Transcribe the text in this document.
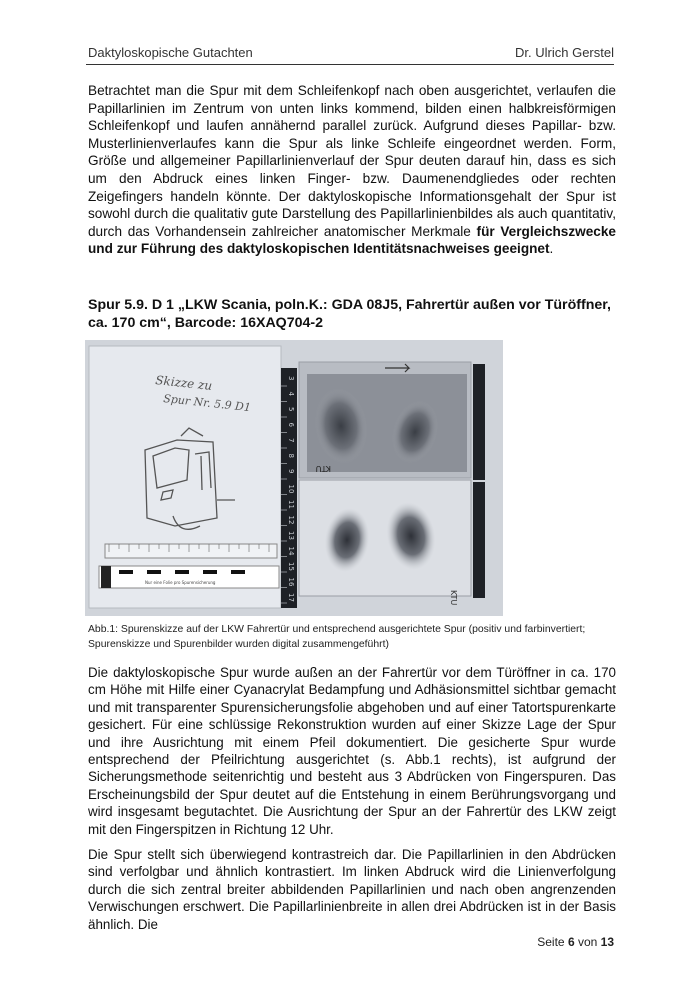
Daktyloskopische Gutachten	Dr. Ulrich Gerstel

Betrachtet man die Spur mit dem Schleifenkopf nach oben ausgerichtet, verlaufen die Papillarlinien im Zentrum von unten links kommend, bilden einen halbkreisförmigen Schleifenkopf und laufen annähernd parallel zurück. Aufgrund dieses Papillar- bzw. Musterlinienverlaufes kann die Spur als linke Schleife eingeordnet werden. Form, Größe und allgemeiner Papillarlinienverlauf der Spur deuten darauf hin, dass es sich um den Abdruck eines linken Finger- bzw. Daumenendgliedes oder rechten Zeigefingers handeln könnte. Der daktyloskopische Informationsgehalt der Spur ist sowohl durch die qualitativ gute Darstellung des Papillarlinienbildes als auch quantitativ, durch das Vorhandensein zahlreicher anatomischer Merkmale für Vergleichszwecke und zur Führung des daktyloskopischen Identitätsnachweises geeignet.

Spur 5.9. D 1 „LKW Scania, poln.K.: GDA 08J5, Fahrertür außen vor Türöffner, ca. 170 cm“, Barcode: 16XAQ704-2
Skizze zu
Spur Nr. 5.9 D1
Nur eine Folie pro Spurensicherung
3
4
5
6
7
8
9
10
11
12
13
14
15
16
17
KTU
KTU
Abb.1: Spurenskizze auf der LKW Fahrertür und entsprechend ausgerichtete Spur (positiv und farbinvertiert; Spurenskizze und Spurenbilder wurden digital zusammengeführt)

Die daktyloskopische Spur wurde außen an der Fahrertür vor dem Türöffner in ca. 170 cm Höhe mit Hilfe einer Cyanacrylat Bedampfung und Adhäsionsmittel sichtbar gemacht und mit transparenter Spurensicherungsfolie abgehoben und auf einer Tatortspurenkarte gesichert. Für eine schlüssige Rekonstruktion wurden auf einer Skizze Lage der Spur und ihre Ausrichtung mit einem Pfeil dokumentiert. Die gesicherte Spur wurde entsprechend der Pfeilrichtung ausgerichtet (s. Abb.1 rechts), ist aufgrund der Sicherungsmethode seitenrichtig und besteht aus 3 Abdrücken von Fingerspuren. Das Erscheinungsbild der Spur deutet auf die Entstehung in einem Berührungsvorgang und wird insgesamt begutachtet. Die Ausrichtung der Spur an der Fahrertür des LKW zeigt mit den Fingerspitzen in Richtung 12 Uhr.

Die Spur stellt sich überwiegend kontrastreich dar. Die Papillarlinien in den Abdrücken sind verfolgbar und ähnlich kontrastiert. Im linken Abdruck wird die Linienverfolgung durch die sich zentral breiter abbildenden Papillarlinien und nach oben angrenzenden Verwischungen erschwert. Die Papillarlinienbreite in allen drei Abdrücken ist in der Basis ähnlich. Die

Seite 6 von 13
